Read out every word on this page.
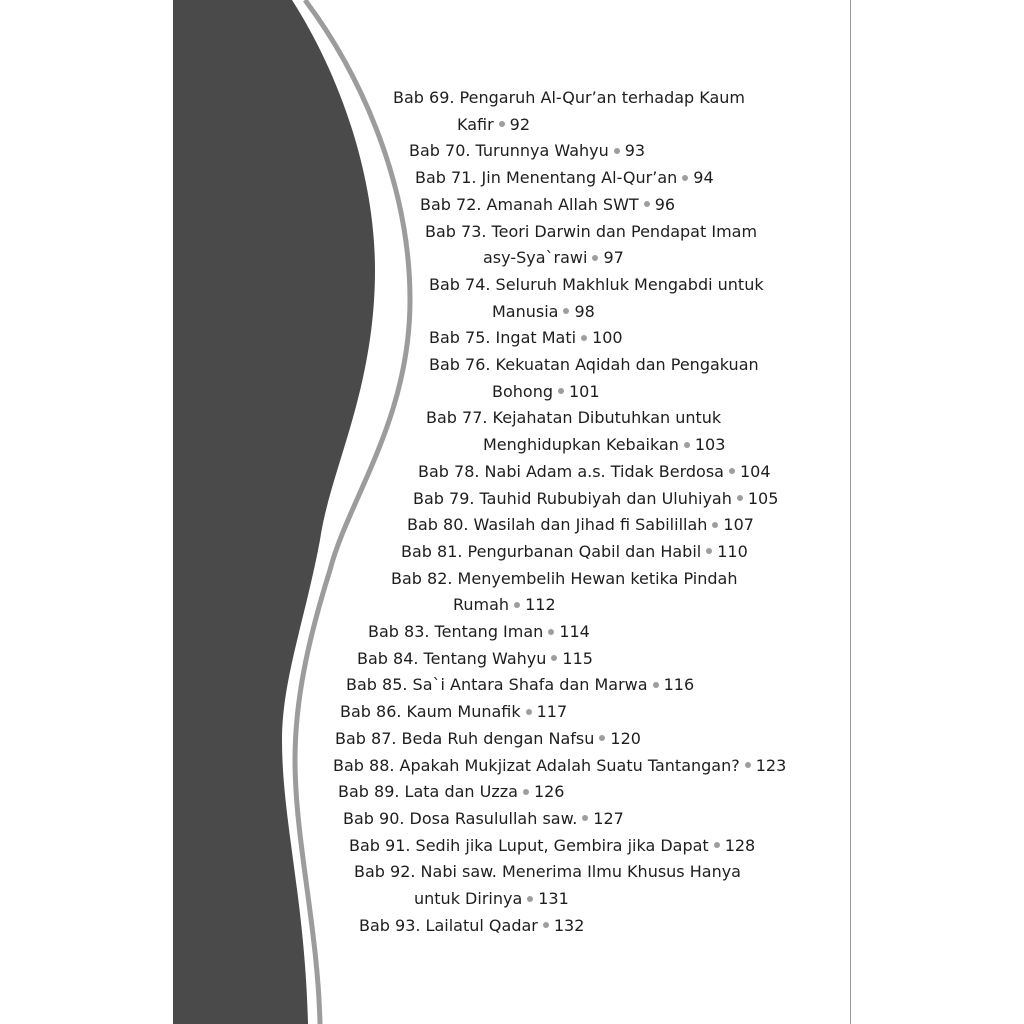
Bab 69. Pengaruh Al-Qur’an terhadap Kaum
Kafir 92
Bab 70. Turunnya Wahyu 93
Bab 71. Jin Menentang Al-Qur’an 94
Bab 72. Amanah Allah SWT 96
Bab 73. Teori Darwin dan Pendapat Imam
asy-Sya`rawi 97
Bab 74. Seluruh Makhluk Mengabdi untuk
Manusia 98
Bab 75. Ingat Mati 100
Bab 76. Kekuatan Aqidah dan Pengakuan
Bohong 101
Bab 77. Kejahatan Dibutuhkan untuk
Menghidupkan Kebaikan 103
Bab 78. Nabi Adam a.s. Tidak Berdosa 104
Bab 79. Tauhid Rububiyah dan Uluhiyah 105
Bab 80. Wasilah dan Jihad fi Sabilillah 107
Bab 81. Pengurbanan Qabil dan Habil 110
Bab 82. Menyembelih Hewan ketika Pindah
Rumah 112
Bab 83. Tentang Iman 114
Bab 84. Tentang Wahyu 115
Bab 85. Sa`i Antara Shafa dan Marwa 116
Bab 86. Kaum Munafik 117
Bab 87. Beda Ruh dengan Nafsu 120
Bab 88. Apakah Mukjizat Adalah Suatu Tantangan? 123
Bab 89. Lata dan Uzza 126
Bab 90. Dosa Rasulullah saw. 127
Bab 91. Sedih jika Luput, Gembira jika Dapat 128
Bab 92. Nabi saw. Menerima Ilmu Khusus Hanya
untuk Dirinya 131
Bab 93. Lailatul Qadar 132
